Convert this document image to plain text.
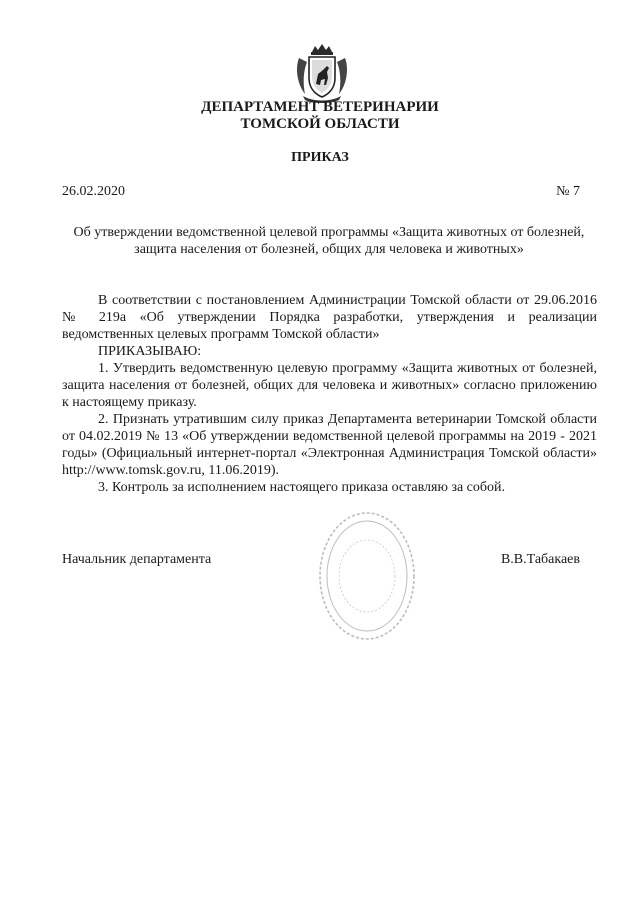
ДЕПАРТАМЕНТ ВЕТЕРИНАРИИ
ТОМСКОЙ ОБЛАСТИ
ПРИКАЗ
26.02.2020	№ 7
Об утверждении ведомственной целевой программы «Защита животных от болезней, защита населения от болезней, общих для человека и животных»

В соответствии с постановлением Администрации Томской области от 29.06.2016 № 219а «Об утверждении Порядка разработки, утверждения и реализации ведомственных целевых программ Томской области»

ПРИКАЗЫВАЮ:

1. Утвердить ведомственную целевую программу «Защита животных от болезней, защита населения от болезней, общих для человека и животных» согласно приложению к настоящему приказу.

2. Признать утратившим силу приказ Департамента ветеринарии Томской области от 04.02.2019 № 13 «Об утверждении ведомственной целевой программы на 2019 - 2021 годы» (Официальный интернет-портал «Электронная Администрация Томской области» http://www.tomsk.gov.ru, 11.06.2019).

3. Контроль за исполнением настоящего приказа оставляю за собой.

Начальник департамента	В.В.Табакаев
